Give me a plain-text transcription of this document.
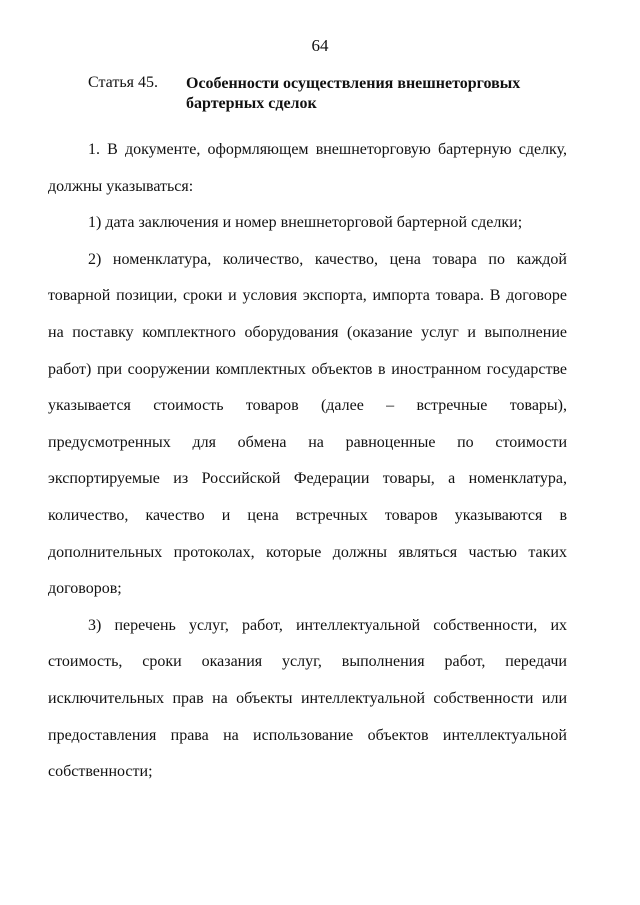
64
Статья 45. Особенности осуществления внешнеторговых бартерных сделок

1. В документе, оформляющем внешнеторговую бартерную сделку, должны указываться:

1) дата заключения и номер внешнеторговой бартерной сделки;

2) номенклатура, количество, качество, цена товара по каждой товарной позиции, сроки и условия экспорта, импорта товара. В договоре на поставку комплектного оборудования (оказание услуг и выполнение работ) при сооружении комплектных объектов в иностранном государстве указывается стоимость товаров (далее – встречные товары), предусмотренных для обмена на равноценные по стоимости экспортируемые из Российской Федерации товары, а номенклатура, количество, качество и цена встречных товаров указываются в дополнительных протоколах, которые должны являться частью таких договоров;

3) перечень услуг, работ, интеллектуальной собственности, их стоимость, сроки оказания услуг, выполнения работ, передачи исключительных прав на объекты интеллектуальной собственности или предоставления права на использование объектов интеллектуальной собственности;
